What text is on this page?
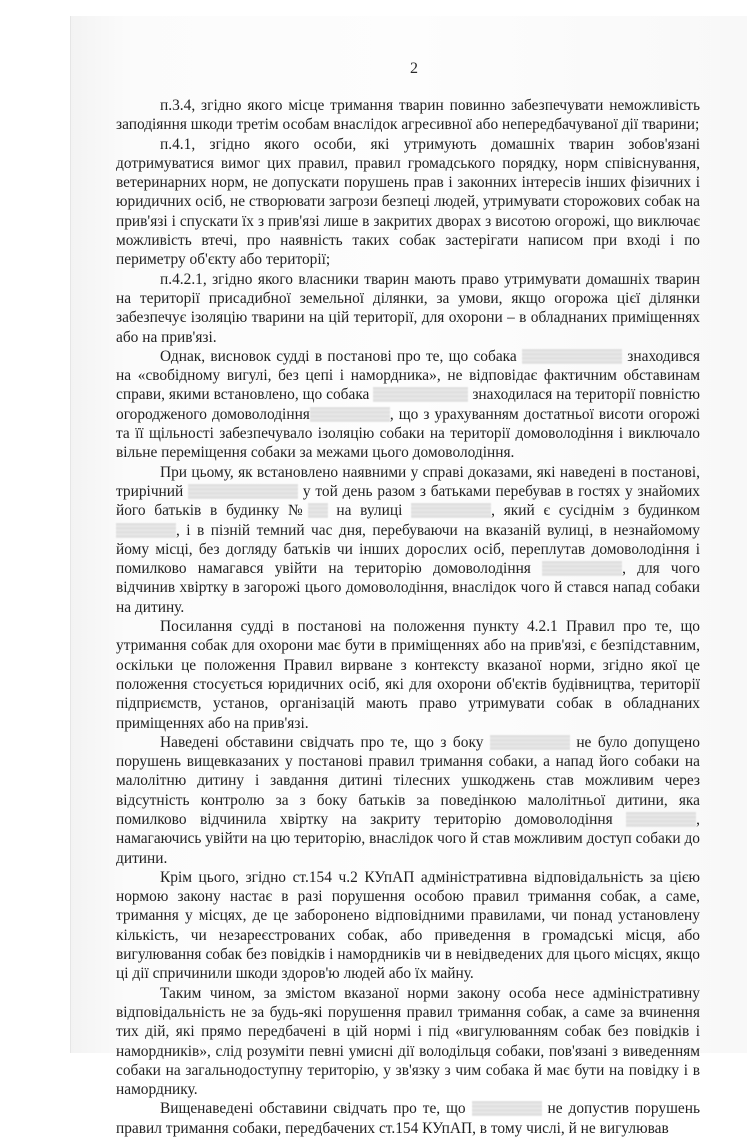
2

п.3.4, згідно якого місце тримання тварин повинно забезпечувати неможливість заподіяння шкоди третім особам внаслідок агресивної або непередбачуваної дії тварини;

п.4.1, згідно якого особи, які утримують домашніх тварин зобов'язані дотримуватися вимог цих правил, правил громадського порядку, норм співіснування, ветеринарних норм, не допускати порушень прав і законних інтересів інших фізичних і юридичних осіб, не створювати загрози безпеці людей, утримувати сторожових собак на прив'язі і спускати їх з прив'язі лише в закритих дворах з висотою огорожі, що виключає можливість втечі, про наявність таких собак застерігати написом при вході і по периметру об'єкту або території;

п.4.2.1, згідно якого власники тварин мають право утримувати домашніх тварин на території присадибної земельної ділянки, за умови, якщо огорожа цієї ділянки забезпечує ізоляцію тварини на цій території, для охорони – в обладнаних приміщеннях або на прив'язі.

Однак, висновок судді в постанові про те, що собака	знаходився на «свобідному вигулі, без цепі і намордника», не відповідає фактичним обставинам справи, якими встановлено, що собака	знаходилася на території повністю огородженого домоволодіння	, що з урахуванням достатньої висоти огорожі та її щільності забезпечувало ізоляцію собаки на території домоволодіння і виключало вільне переміщення собаки за межами цього домоволодіння.

При цьому, як встановлено наявними у справі доказами, які наведені в постанові, трирічний	у той день разом з батьками перебував в гостях у знайомих його батьків в будинку № на вулиці	, який є сусіднім з будинком , і в пізній темний час дня, перебуваючи на вказаній вулиці, в незнайомому йому місці, без догляду батьків чи інших дорослих осіб, переплутав домоволодіння і помилково намагався увійти на територію домоволодіння	, для чого відчинив хвіртку в загорожі цього домоволодіння, внаслідок чого й стався напад собаки на дитину.

Посилання судді в постанові на положення пункту 4.2.1 Правил про те, що утримання собак для охорони має бути в приміщеннях або на прив'язі, є безпідставним, оскільки це положення Правил вирване з контексту вказаної норми, згідно якої це положення стосується юридичних осіб, які для охорони об'єктів будівництва, території підприємств, установ, організацій мають право утримувати собак в обладнаних приміщеннях або на прив'язі.

Наведені обставини свідчать про те, що з боку	не було допущено порушень вищевказаних у постанові правил тримання собаки, а напад його собаки на малолітню дитину і завдання дитині тілесних ушкоджень став можливим через відсутність контролю за з боку батьків за поведінкою малолітньої дитини, яка помилково відчинила хвіртку на закриту територію домоволодіння	, намагаючись увійти на цю територію, внаслідок чого й став можливим доступ собаки до дитини.

Крім цього, згідно ст.154 ч.2 КУпАП адміністративна відповідальність за цією нормою закону настає в разі порушення особою правил тримання собак, а саме, тримання у місцях, де це заборонено відповідними правилами, чи понад установлену кількість, чи незареєстрованих собак, або приведення в громадські місця, або вигулювання собак без повідків і намордників чи в невідведених для цього місцях, якщо ці дії спричинили шкоди здоров'ю людей або їх майну.

Таким чином, за змістом вказаної норми закону особа несе адміністративну відповідальність не за будь-які порушення правил тримання собак, а саме за вчинення тих дій, які прямо передбачені в цій нормі і під «вигулюванням собак без повідків і намордників», слід розуміти певні умисні дії володільця собаки, пов'язані з виведенням собаки на загальнодоступну територію, у зв'язку з чим собака й має бути на повідку і в наморднику.

Вищенаведені обставини свідчать про те, що	не допустив порушень правил тримання собаки, передбачених ст.154 КУпАП, в тому числі, й не вигулював
